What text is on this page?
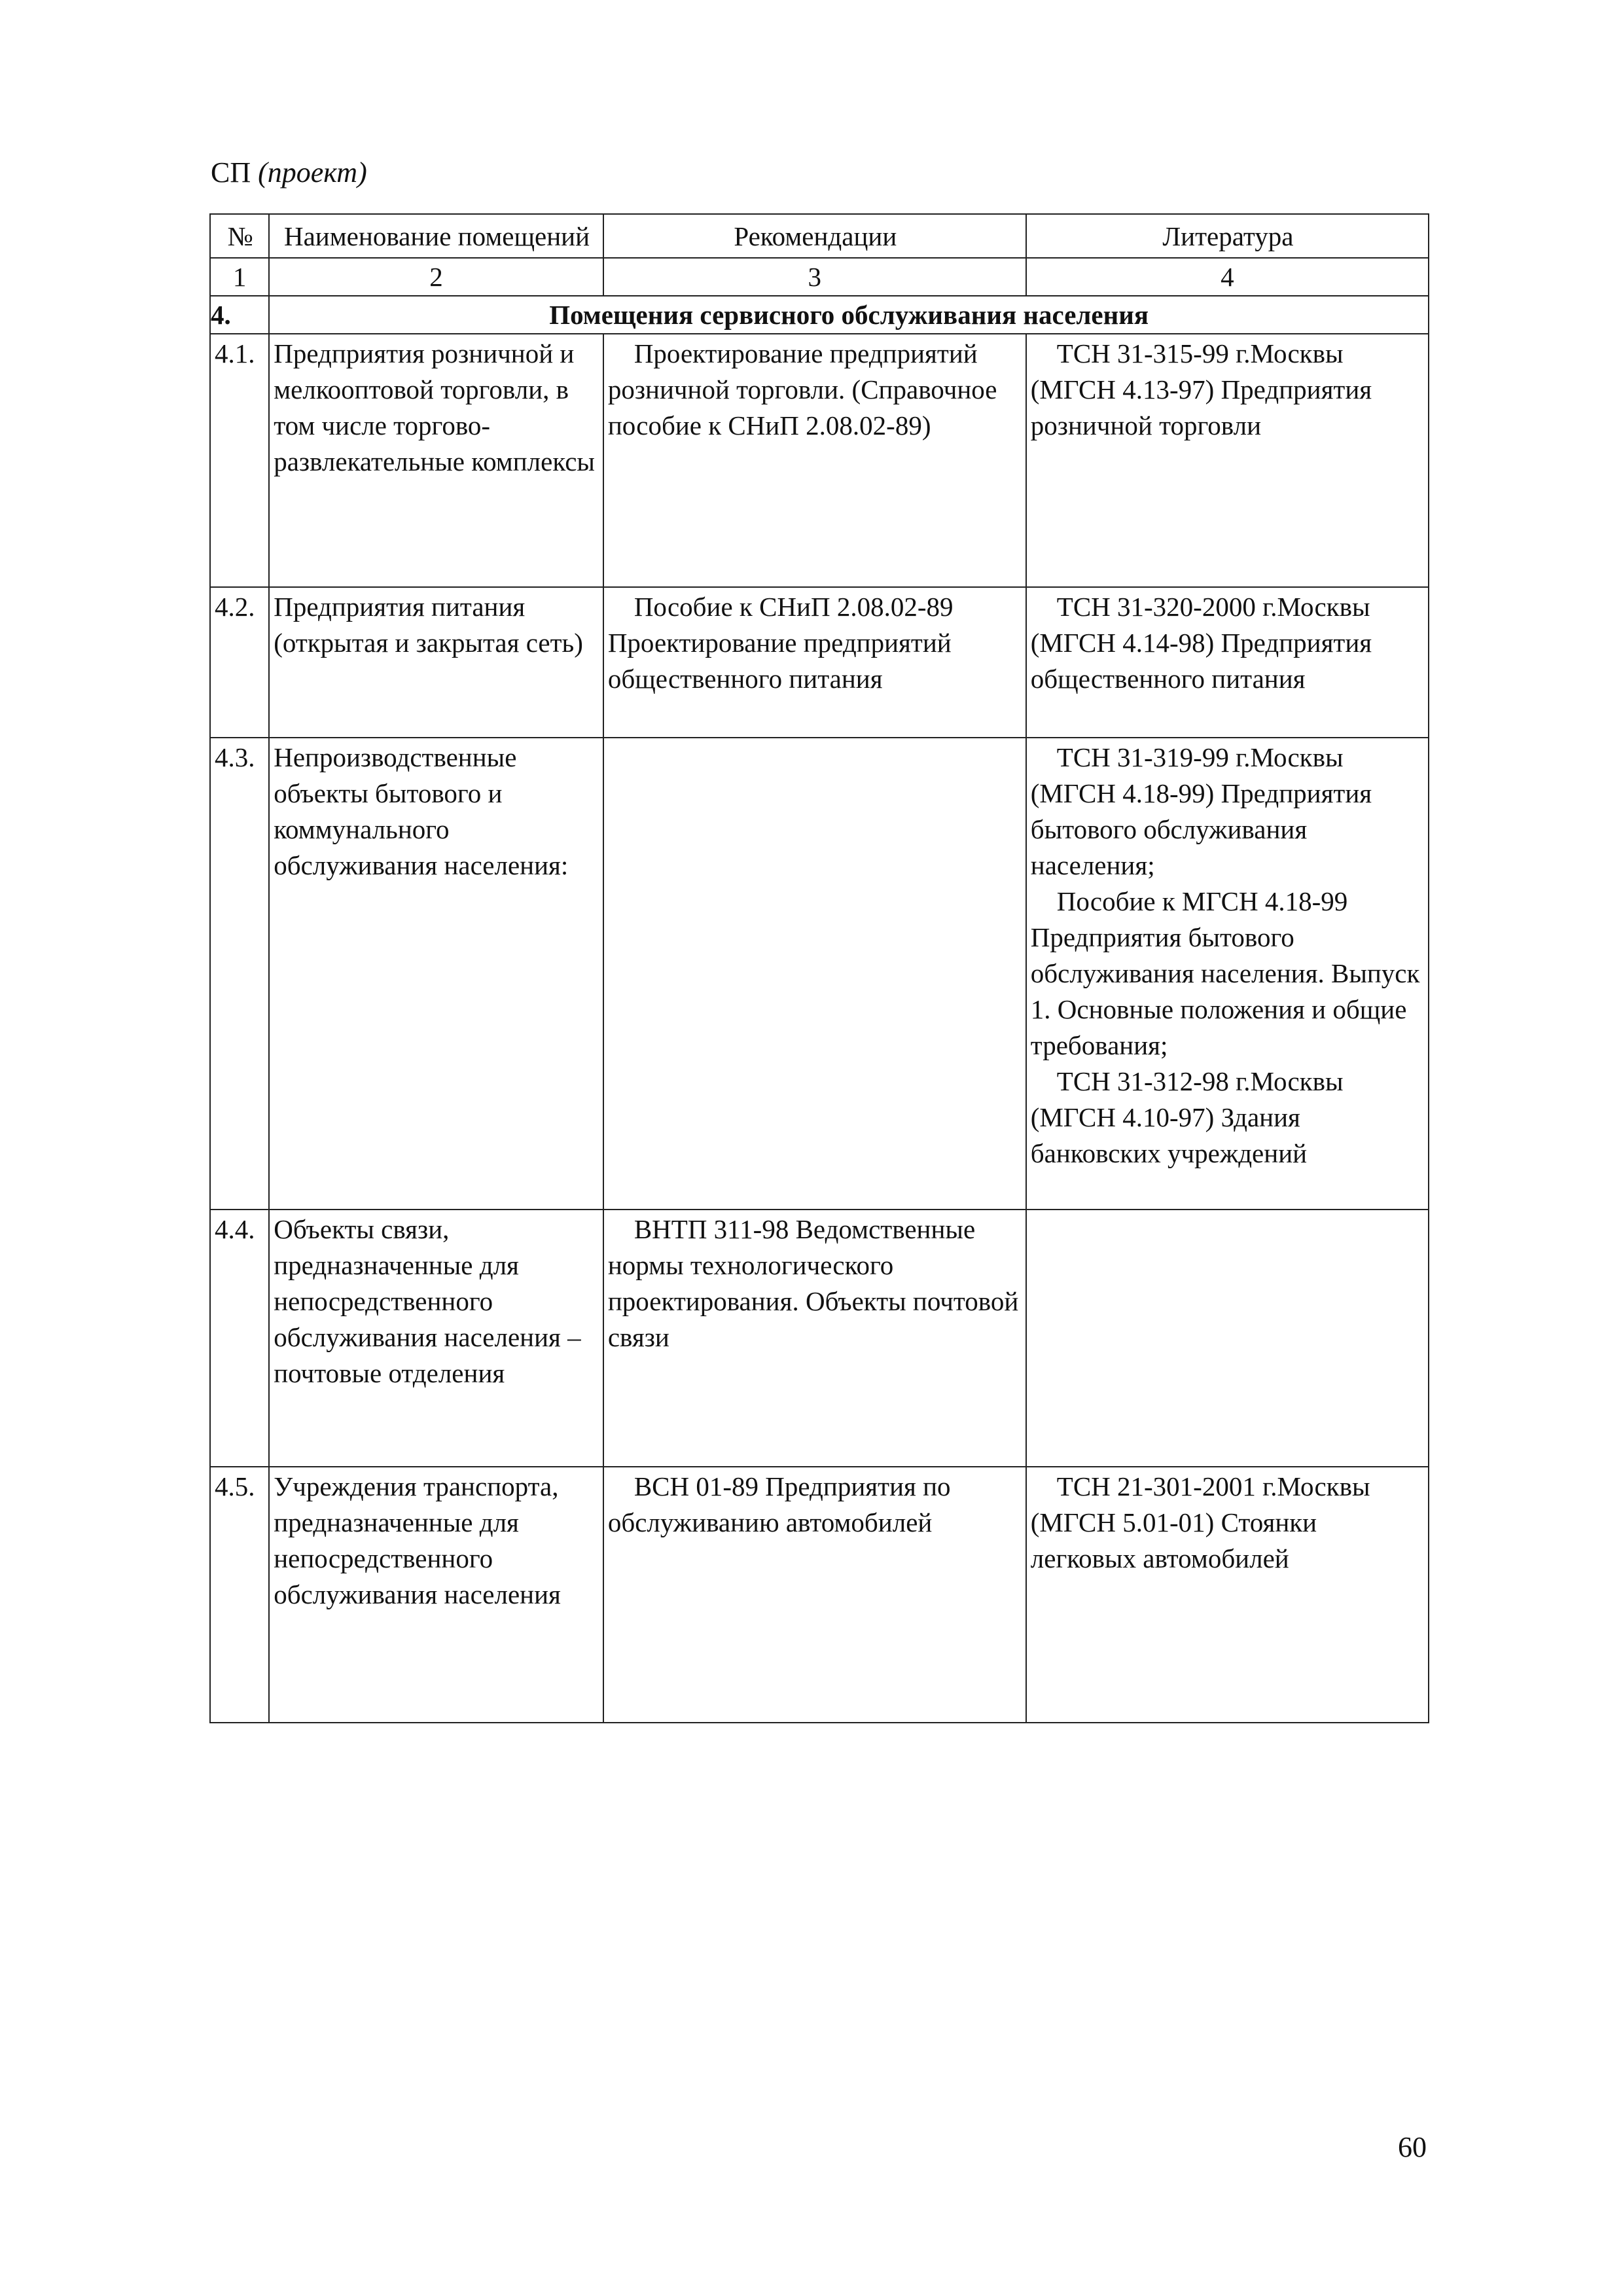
СП (проект)
№	Наименование помещений	Рекомендации	Литература
1	2	3	4
4.	Помещения сервисного обслуживания населения		
4.1.	Предприятия розничной и мелкооптовой торговли, в том числе торгово-развлекательные комплексы	Проектирование предприятий розничной торговли. (Справочное пособие к СНиП 2.08.02-89)	ТСН 31-315-99 г.Москвы (МГСН 4.13-97) Предприятия розничной торговли

4.2.	Предприятия питания (открытая и закрытая сеть)	Пособие к СНиП 2.08.02-89 Проектирование предприятий общественного питания	ТСН 31-320-2000 г.Москвы (МГСН 4.14-98) Предприятия общественного питания

4.3.	Непроизводственные объекты бытового и коммунального обслуживания населения:		ТСН 31-319-99 г.Москвы (МГСН 4.18-99) Предприятия бытового обслуживания населения;
Пособие к МГСН 4.18-99 Предприятия бытового обслуживания населения. Выпуск 1. Основные положения и общие требования;
ТСН 31-312-98 г.Москвы (МГСН 4.10-97) Здания банковских учреждений

4.4.	Объекты связи, предназначенные для непосредственного обслуживания населения – почтовые отделения	ВНТП 311-98 Ведомственные нормы технологического проектирования. Объекты почтовой связи	
4.5.	Учреждения транспорта, предназначенные для непосредственного обслуживания населения	ВСН 01-89 Предприятия по обслуживанию автомобилей	ТСН 21-301-2001 г.Москвы (МГСН 5.01-01) Стоянки легковых автомобилей
60
